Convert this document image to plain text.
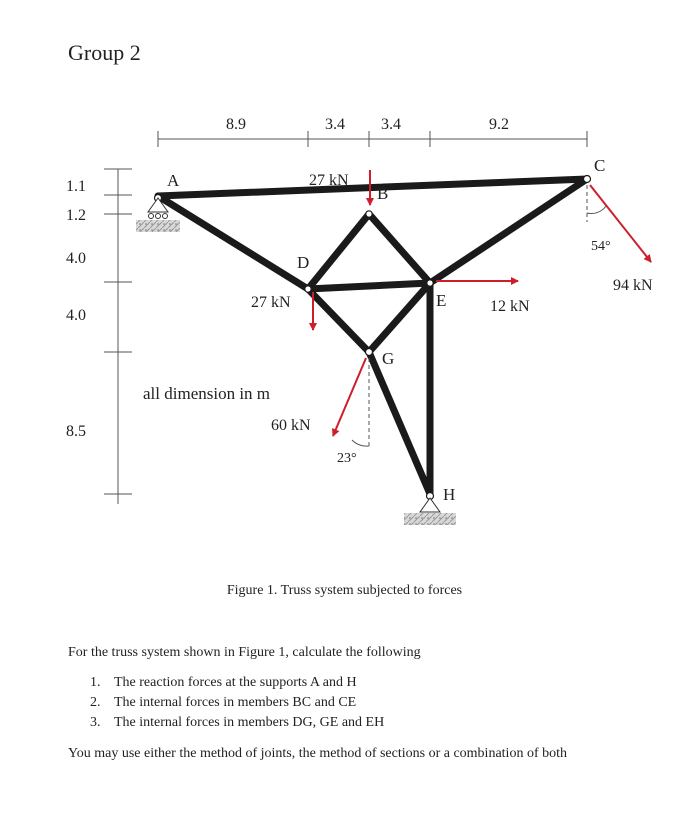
Group 2
8.9	3.4 3.4	9.2
1.1
1.2
4.0
4.0
8.5
A
B
C
D
E
G
H
27 kN
27 kN	12 kN
60 kN
94 kN
54°
23°
all dimension in m
Figure 1. Truss system subjected to forces
For the truss system shown in Figure 1, calculate the following
1. The reaction forces at the supports A and H
2. The internal forces in members BC and CE
3. The internal forces in members DG, GE and EH
You may use either the method of joints, the method of sections or a combination of both
